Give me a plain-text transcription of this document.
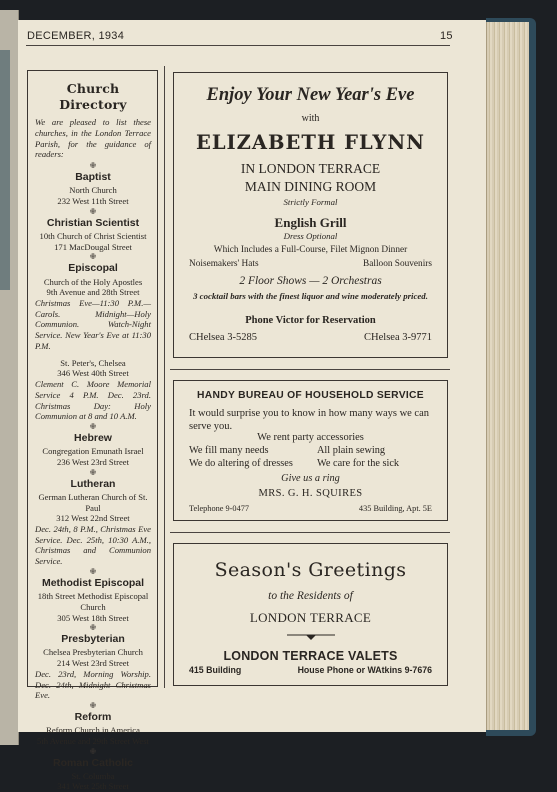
DECEMBER, 1934	15
Church Directory
We are pleased to list these churches, in the London Terrace Parish, for the guidance of readers:
✙
Baptist
North Church
232 West 11th Street
✙
Christian Scientist
10th Church of Christ Scientist
171 MacDougal Street
✙
Episcopal
Church of the Holy Apostles
9th Avenue and 28th Street
Christmas Eve—11:30 P.M.—Carols. Midnight—Holy Communion. Watch-Night Service. New Year's Eve at 11:30 P.M.
St. Peter's, Chelsea
346 West 40th Street
Clement C. Moore Memorial Service 4 P.M. Dec. 23rd. Christmas Day: Holy Communion at 8 and 10 A.M.
✙
Hebrew
Congregation Emunath Israel
236 West 23rd Street
✙
Lutheran
German Lutheran Church of St. Paul
312 West 22nd Street
Dec. 24th, 8 P.M., Christmas Eve Service. Dec. 25th, 10:30 A.M., Christmas and Communion Service.
✙
Methodist Episcopal
18th Street Methodist Episcopal Church
305 West 18th Street
✙
Presbyterian
Chelsea Presbyterian Church
214 West 23rd Street
Dec. 23rd, Morning Worship. Dec. 24th, Midnight Christmas Eve.
✙
Reform
Reform Church in America
5th Avenue and 29th Street West
✙
Roman Catholic
St. Columba
341 West 25th Street
Enjoy Your New Year's Eve
with
ELIZABETH FLYNN
IN LONDON TERRACE
MAIN DINING ROOM
Strictly Formal
English Grill
Dress Optional
Which Includes a Full-Course, Filet Mignon Dinner
Noisemakers' Hats	Balloon Souvenirs
2 Floor Shows — 2 Orchestras
3 cocktail bars with the finest liquor and wine moderately priced.
Phone Victor for Reservation
CHelsea 3-5285	CHelsea 3-9771
HANDY BUREAU OF HOUSEHOLD SERVICE
It would surprise you to know in how many ways we can serve you.
We rent party accessories
We fill many needs	All plain sewing
We do altering of dresses We care for the sick
Give us a ring
MRS. G. H. SQUIRES
Telephone 9-0477	435 Building, Apt. 5E
Season's Greetings
to the Residents of
LONDON TERRACE
LONDON TERRACE VALETS
415 Building	House Phone or WAtkins 9-7676
